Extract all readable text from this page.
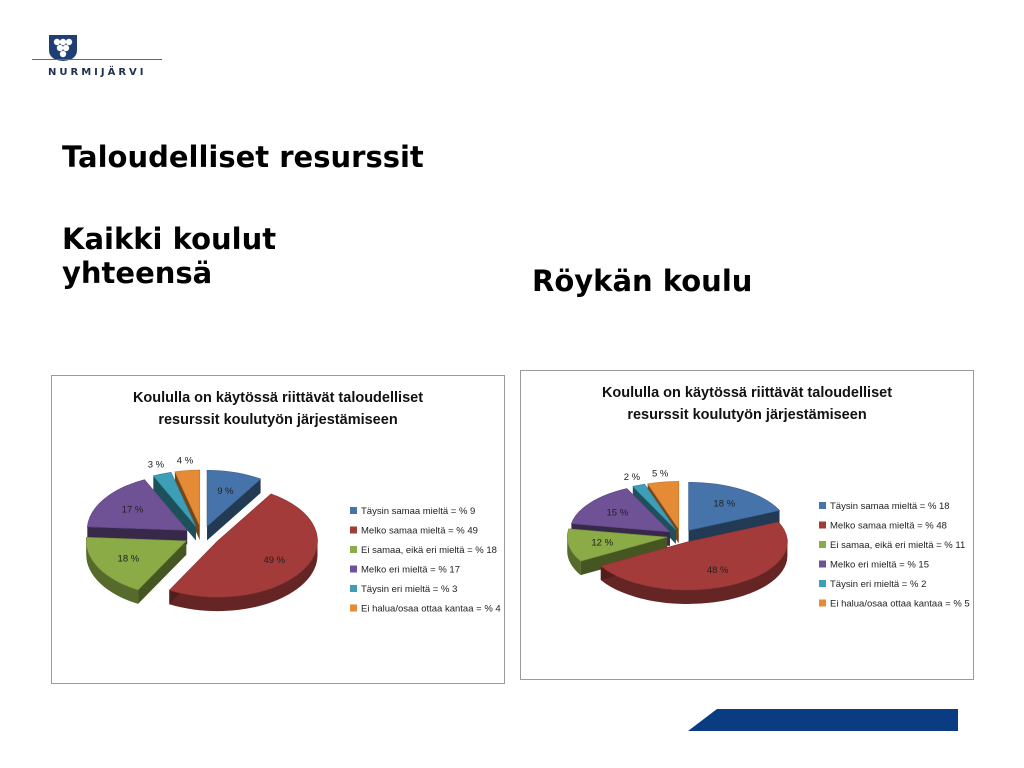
NURMIJÄRVI
Taloudelliset resurssit
Kaikki koulut yhteensä	Röykän koulu
Koululla on käytössä riittävät taloudelliset
resurssit koulutyön järjestämiseen
9 %
49 %
18 %
17 %
3 % 4 %
Täysin samaa mieltä = % 9
Melko samaa mieltä = % 49
Ei samaa, eikä eri mieltä = % 18
Melko eri mieltä = % 17
Täysin eri mieltä = % 3
Ei halua/osaa ottaa kantaa = % 4
Koululla on käytössä riittävät taloudelliset
resurssit koulutyön järjestämiseen
18 %
48 %
12 %
15 %
2 % 5 %
Täysin samaa mieltä = % 18
Melko samaa mieltä = % 48
Ei samaa, eikä eri mieltä = % 11
Melko eri mieltä = % 15
Täysin eri mieltä = % 2
Ei halua/osaa ottaa kantaa = % 5
